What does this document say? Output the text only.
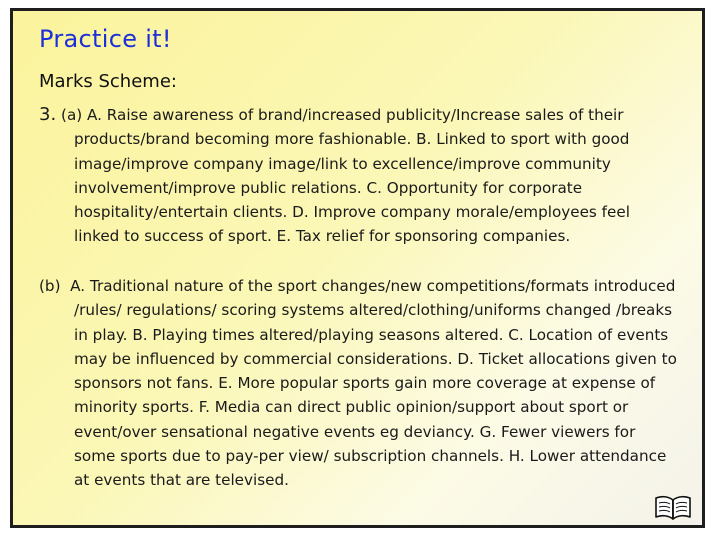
Practice it!
Marks Scheme:

3. (a) A. Raise awareness of brand/increased publicity/Increase sales of their products/brand becoming more fashionable. B. Linked to sport with good image/improve company image/link to excellence/improve community involvement/improve public relations. C. Opportunity for corporate hospitality/entertain clients. D. Improve company morale/employees feel linked to success of sport. E. Tax relief for sponsoring companies.

(b) A. Traditional nature of the sport changes/new competitions/formats introduced /rules/ regulations/ scoring systems altered/clothing/uniforms changed /breaks in play. B. Playing times altered/playing seasons altered. C. Location of events may be influenced by commercial considerations. D. Ticket allocations given to sponsors not fans. E. More popular sports gain more coverage at expense of minority sports. F. Media can direct public opinion/support about sport or event/over sensational negative events eg deviancy. G. Fewer viewers for some sports due to pay-per view/ subscription channels. H. Lower attendance at events that are televised.
